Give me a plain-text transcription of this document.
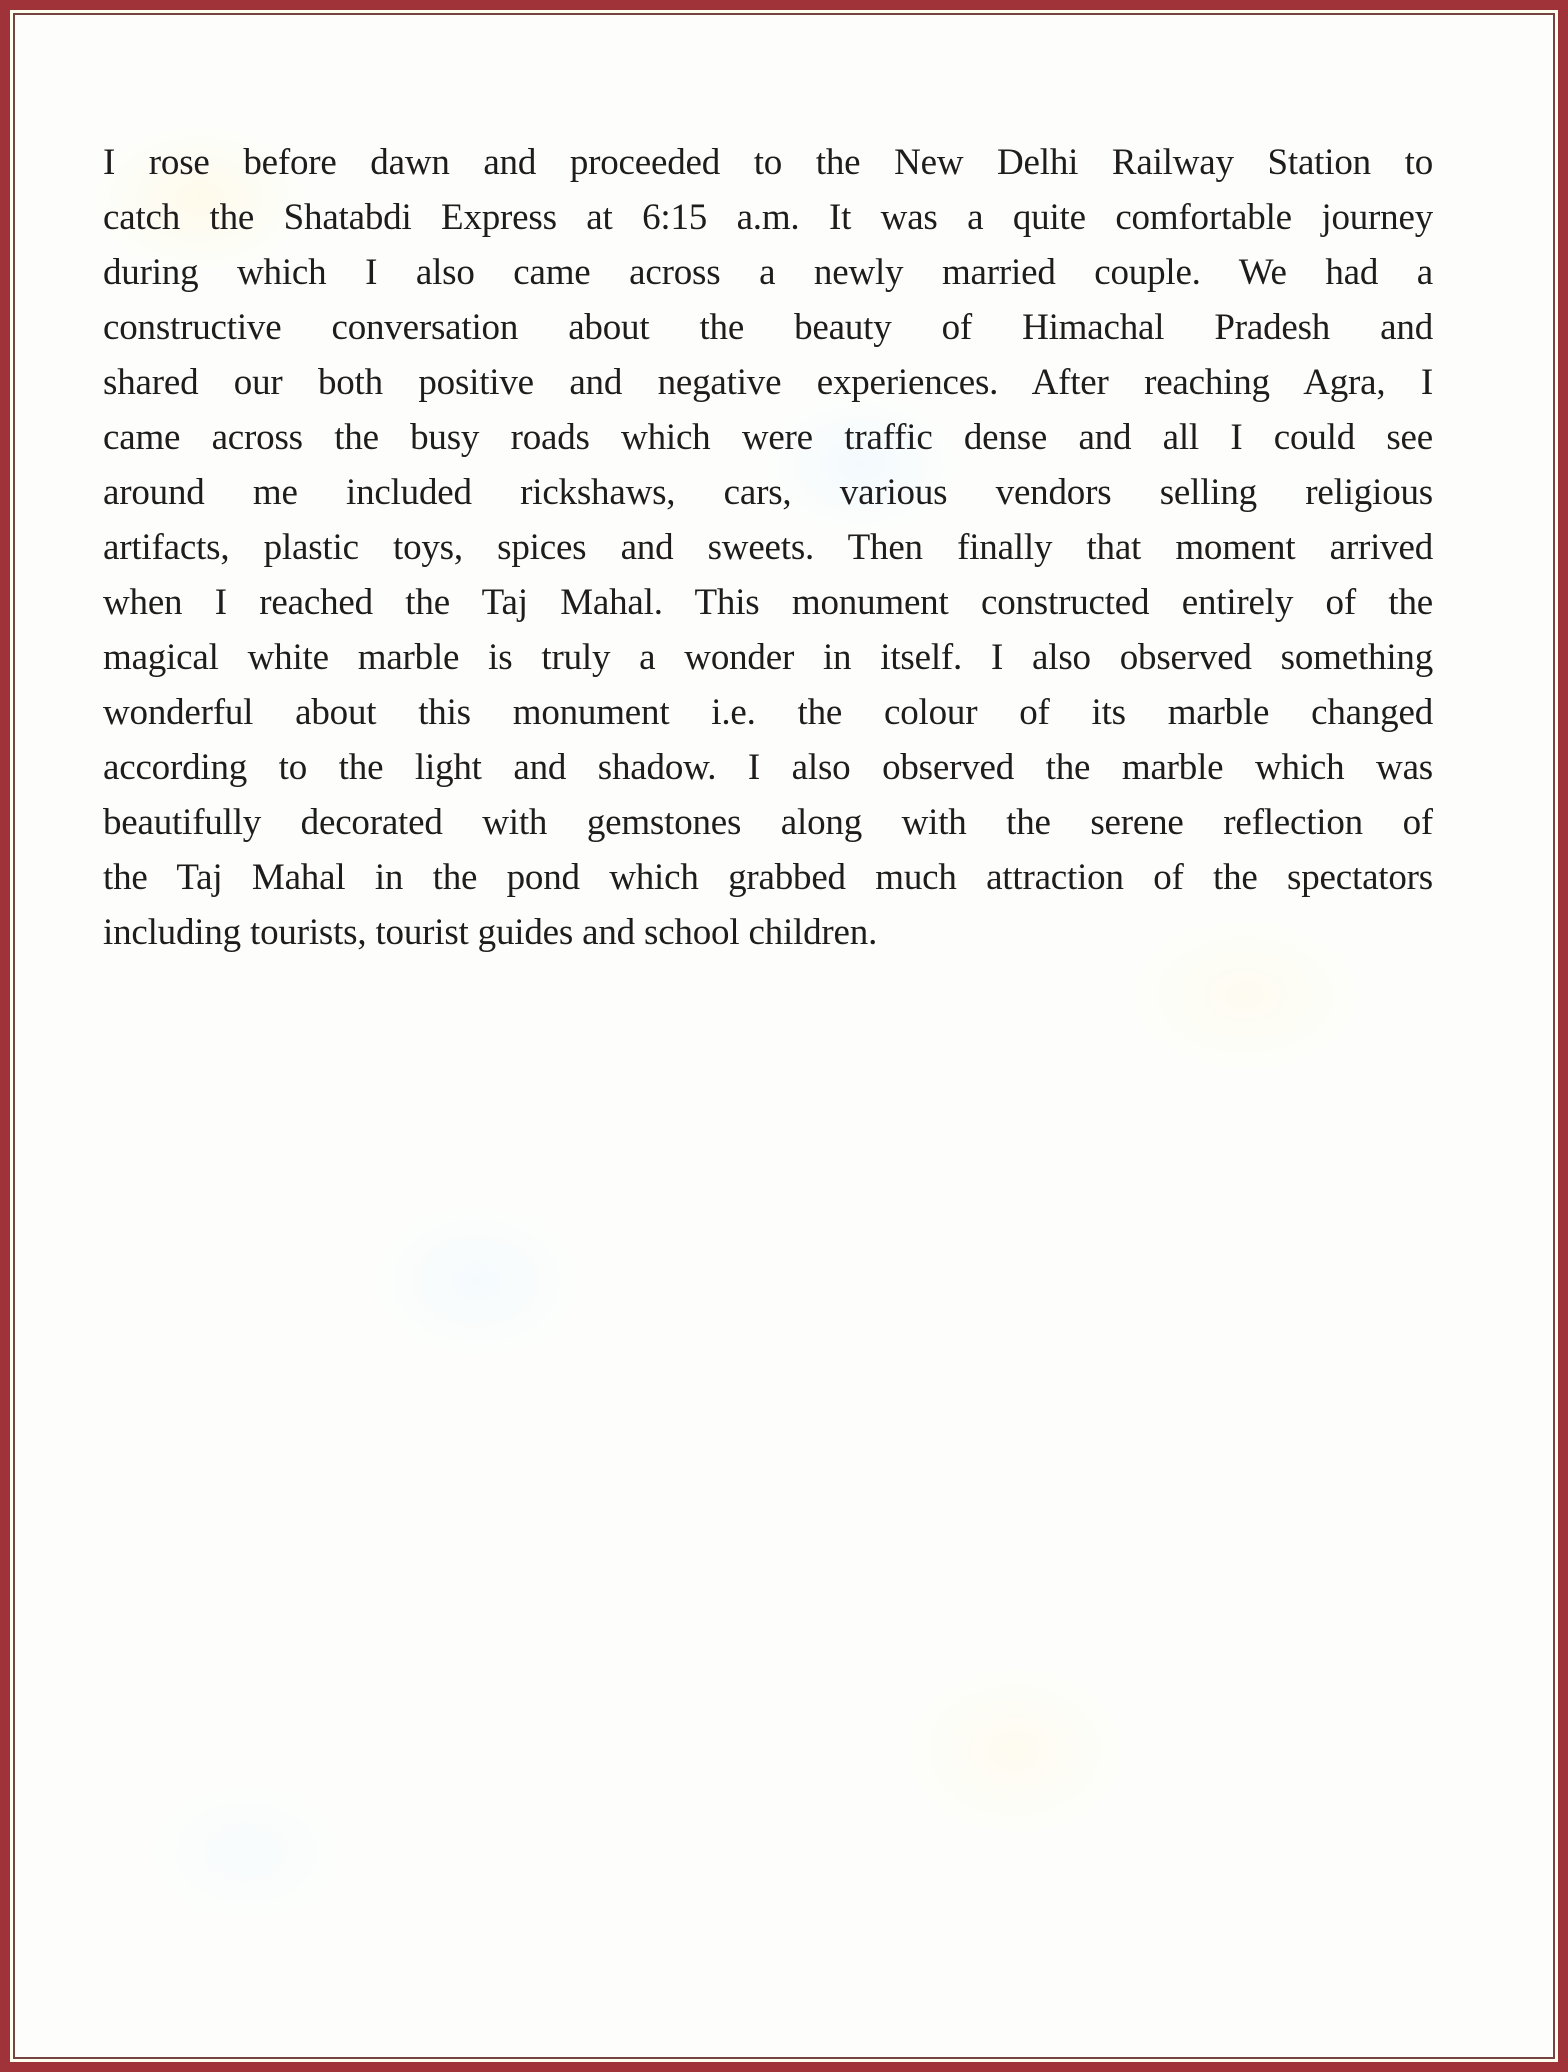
I rose before dawn and proceeded to the New Delhi Railway Station to
catch the Shatabdi Express at 6:15 a.m. It was a quite comfortable journey
during which I also came across a newly married couple. We had a
constructive conversation about the beauty of Himachal Pradesh and
shared our both positive and negative experiences. After reaching Agra, I
came across the busy roads which were traffic dense and all I could see
around me included rickshaws, cars, various vendors selling religious
artifacts, plastic toys, spices and sweets. Then finally that moment arrived
when I reached the Taj Mahal. This monument constructed entirely of the
magical white marble is truly a wonder in itself. I also observed something
wonderful about this monument i.e. the colour of its marble changed
according to the light and shadow. I also observed the marble which was
beautifully decorated with gemstones along with the serene reflection of
the Taj Mahal in the pond which grabbed much attraction of the spectators
including tourists, tourist guides and school children.
